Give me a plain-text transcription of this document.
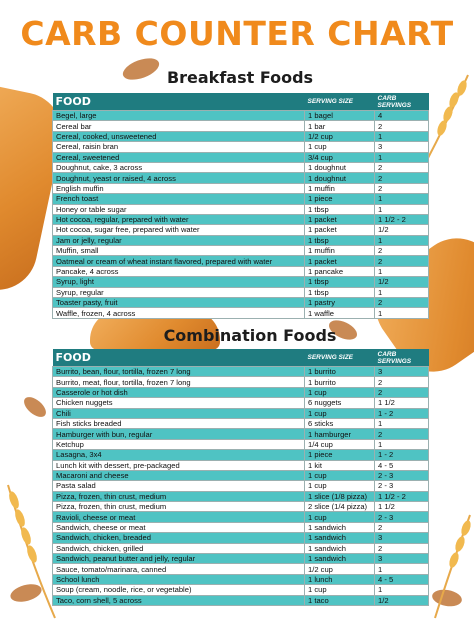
CARB COUNTER CHART
Breakfast Foods
FOOD	SERVING SIZE	CARB SERVINGS
Begel, large	1 bagel	4
Cereal bar	1 bar	2
Cereal, cooked, unsweetened	1/2 cup	1
Cereal, raisin bran	1 cup	3
Cereal, sweetened	3/4 cup	1
Doughnut, cake, 3 across	1 doughnut	2
Doughnut, yeast or raised, 4 across	1 doughnut	2
English muffin	1 muffin	2
French toast	1 piece	1
Honey or table sugar	1 tbsp	1
Hot cocoa, regular, prepared with water	1 packet	1 1/2 - 2
Hot cocoa, sugar free, prepared with water	1 packet	1/2
Jam or jelly, regular	1 tbsp	1
Muffin, small	1 muffin	2
Oatmeal or cream of wheat instant flavored, prepared with water	1 packet	2
Pancake, 4 across	1 pancake	1
Syrup, light	1 tbsp	1/2
Syrup, regular	1 tbsp	1
Toaster pasty, fruit	1 pastry	2
Waffle, frozen, 4 across	1 waffle	1
Combination Foods
FOOD	SERVING SIZE	CARB SERVINGS
Burrito, bean, flour, tortilla, frozen 7 long	1 burrito	3
Burrito, meat, flour, tortilla, frozen 7 long	1 burrito	2
Casserole or hot dish	1 cup	2
Chicken nuggets	6 nuggets	1 1/2
Chili	1 cup	1 - 2
Fish sticks breaded	6 sticks	1
Hamburger with bun, regular	1 hamburger	2
Ketchup	1/4 cup	1
Lasagna, 3x4	1 piece	1 - 2
Lunch kit with dessert, pre-packaged	1 kit	4 - 5
Macaroni and cheese	1 cup	2 - 3
Pasta salad	1 cup	2 - 3
Pizza, frozen, thin crust, medium	1 slice (1/8 pizza)	1 1/2 - 2
Pizza, frozen, thin crust, medium	2 slice (1/4 pizza)	1 1/2
Ravioli, cheese or meat	1 cup	2 - 3
Sandwich, cheese or meat	1 sandwich	2
Sandwich, chicken, breaded	1 sandwich	3
Sandwich, chicken, grilled	1 sandwich	2
Sandwich, peanut butter and jelly, regular	1 sandwich	3
Sauce, tomato/marinara, canned	1/2 cup	1
School lunch	1 lunch	4 - 5
Soup (cream, noodle, rice, or vegetable)	1 cup	1
Taco, corn shell, 5 across	1 taco	1/2
